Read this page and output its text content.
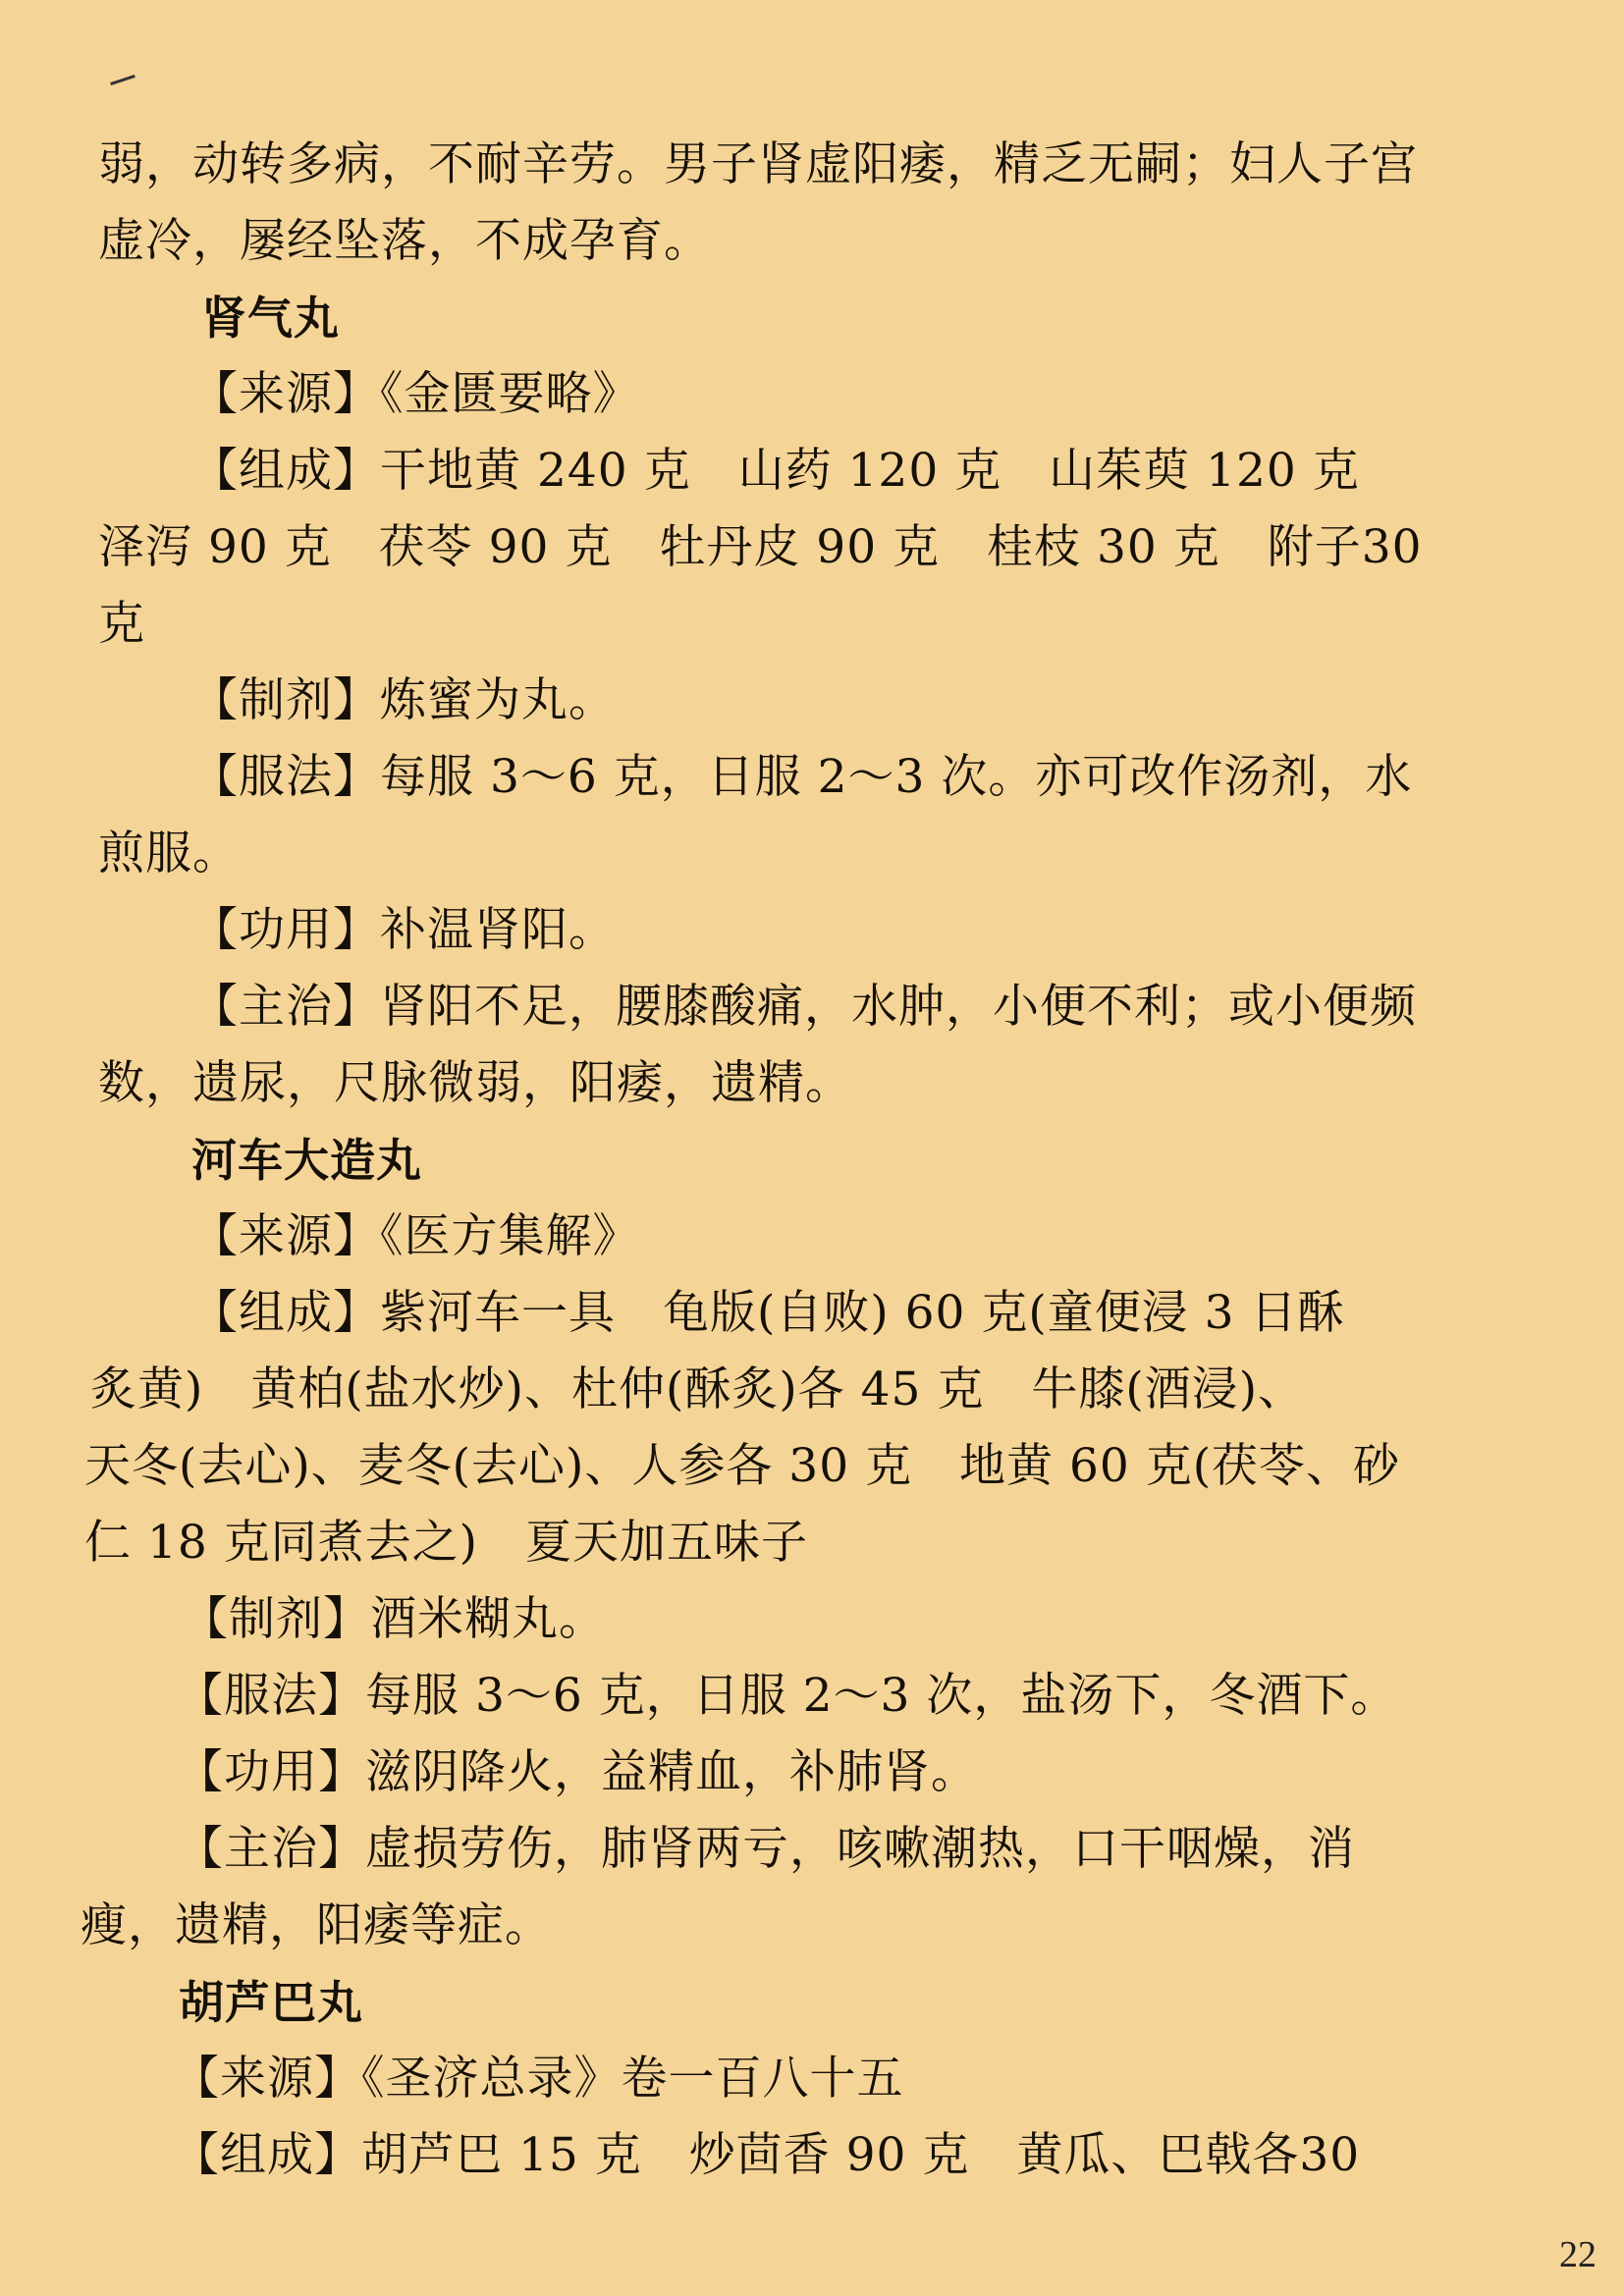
弱，动转多病，不耐辛劳。男子肾虚阳痿，精乏无嗣；妇人子宫
虚冷，屡经坠落，不成孕育。
肾气丸
【来源】《金匮要略》
【组成】干地黄 240 克　山药 120 克　山茱萸 120 克
泽泻 90 克　茯苓 90 克　牡丹皮 90 克　桂枝 30 克　附子30
克
【制剂】炼蜜为丸。
【服法】每服 3～6 克，日服 2～3 次。亦可改作汤剂，水
煎服。
【功用】补温肾阳。
【主治】肾阳不足，腰膝酸痛，水肿，小便不利；或小便频
数，遗尿，尺脉微弱，阳痿，遗精。
河车大造丸
【来源】《医方集解》
【组成】紫河车一具　龟版(自败) 60 克(童便浸 3 日酥
炙黄)　黄柏(盐水炒)、杜仲(酥炙)各 45 克　牛膝(酒浸)、
天冬(去心)、麦冬(去心)、人参各 30 克　地黄 60 克(茯苓、砂
仁 18 克同煮去之)　夏天加五味子
【制剂】酒米糊丸。
【服法】每服 3～6 克，日服 2～3 次，盐汤下，冬酒下。
【功用】滋阴降火，益精血，补肺肾。
【主治】虚损劳伤，肺肾两亏，咳嗽潮热，口干咽燥，消
瘦，遗精，阳痿等症。
胡芦巴丸
【来源】《圣济总录》卷一百八十五
【组成】胡芦巴 15 克　炒茴香 90 克　黄瓜、巴戟各30
22
